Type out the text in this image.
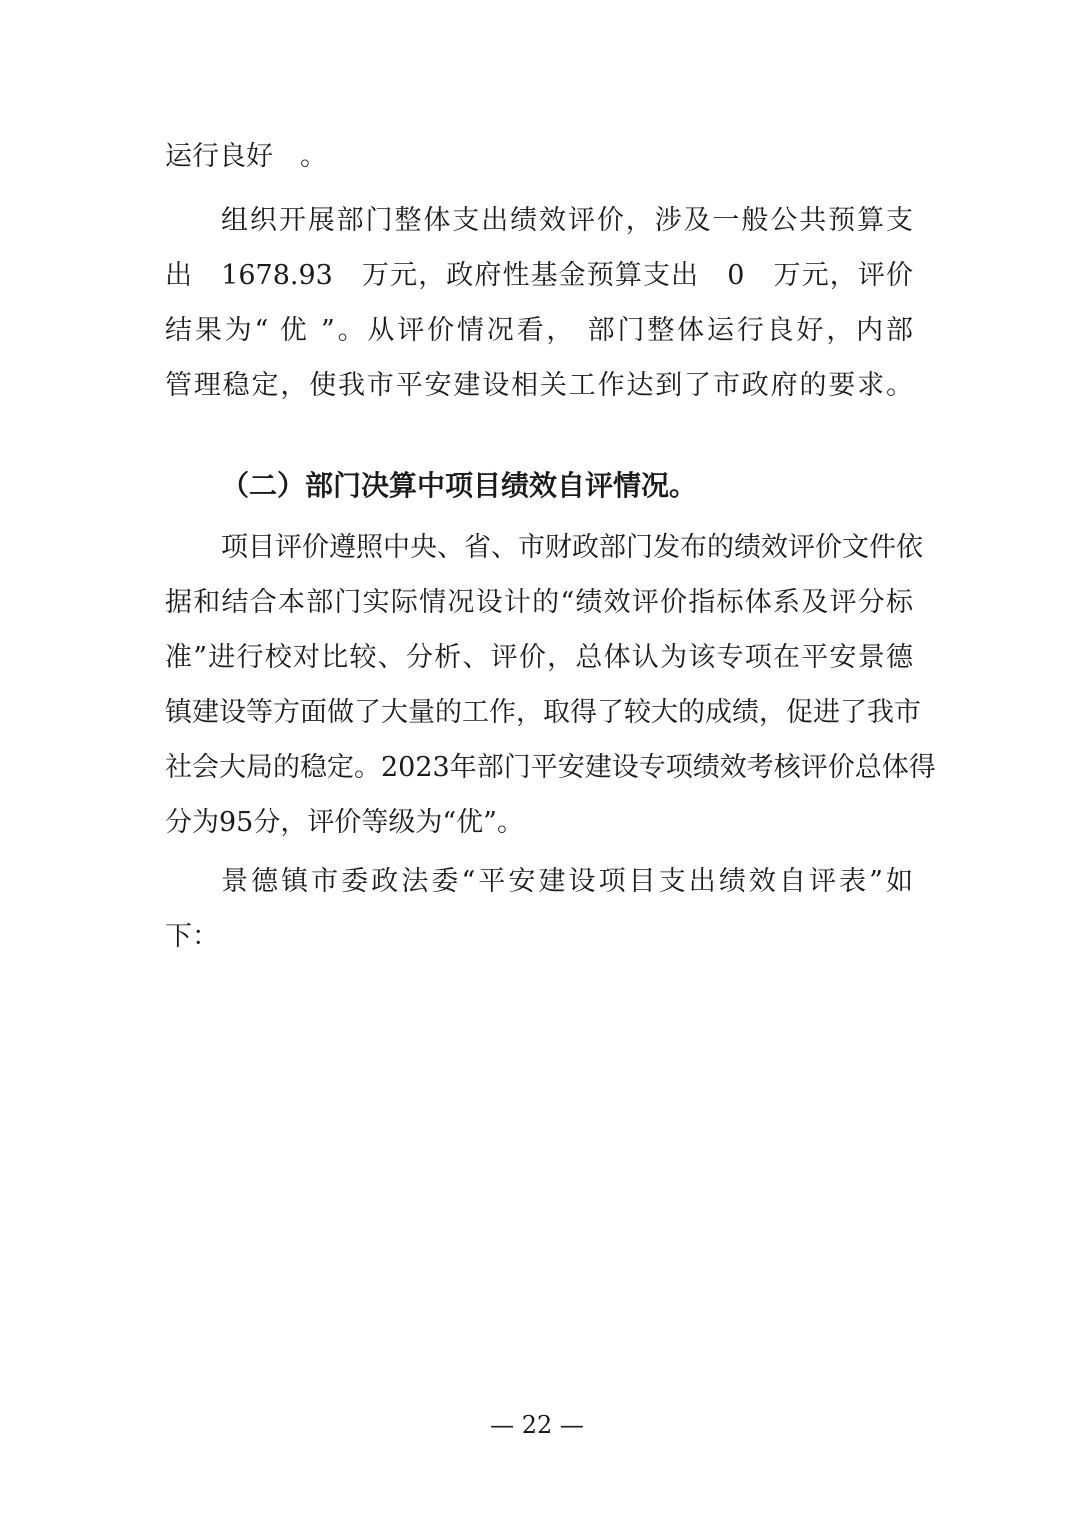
运行良好　。
组织开展部门整体支出绩效评价，涉及一般公共预算支
出　1678.93　万元，政府性基金预算支出　0　万元，评价
结果为“ 优 ”。从评价情况看， 部门整体运行良好，内部
管理稳定，使我市平安建设相关工作达到了市政府的要求。
（二）部门决算中项目绩效自评情况。
项目评价遵照中央、省、市财政部门发布的绩效评价文件依
据和结合本部门实际情况设计的“绩效评价指标体系及评分标
准”进行校对比较、分析、评价，总体认为该专项在平安景德
镇建设等方面做了大量的工作，取得了较大的成绩，促进了我市
社会大局的稳定。2023年部门平安建设专项绩效考核评价总体得
分为95分，评价等级为“优”。
景德镇市委政法委“平安建设项目支出绩效自评表”如
下：
— 22 —
